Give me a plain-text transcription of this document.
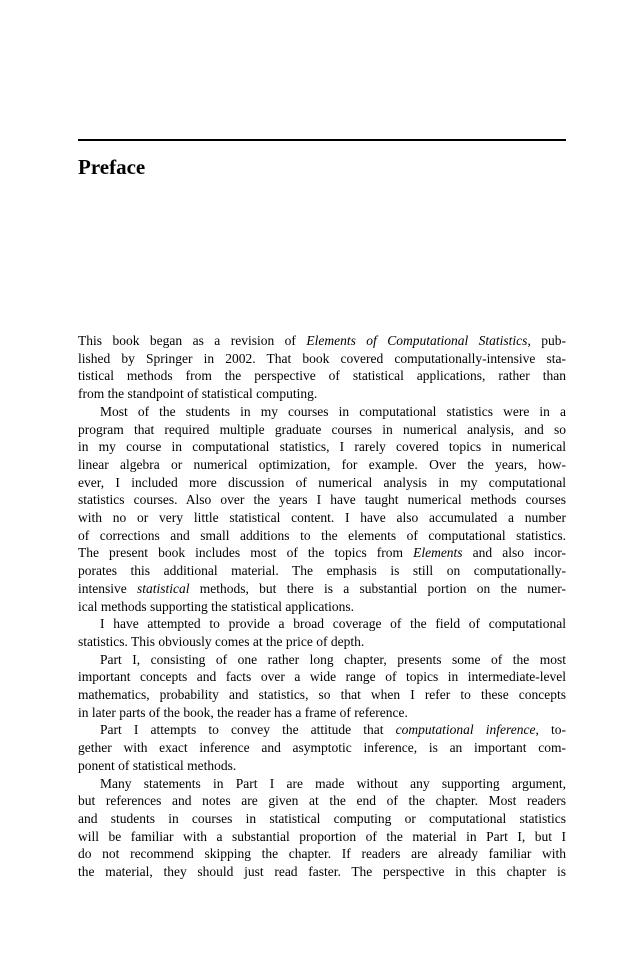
Preface
This book began as a revision of Elements of Computational Statistics, pub-
lished by Springer in 2002. That book covered computationally-intensive sta-
tistical methods from the perspective of statistical applications, rather than
from the standpoint of statistical computing.
Most of the students in my courses in computational statistics were in a
program that required multiple graduate courses in numerical analysis, and so
in my course in computational statistics, I rarely covered topics in numerical
linear algebra or numerical optimization, for example. Over the years, how-
ever, I included more discussion of numerical analysis in my computational
statistics courses. Also over the years I have taught numerical methods courses
with no or very little statistical content. I have also accumulated a number
of corrections and small additions to the elements of computational statistics.
The present book includes most of the topics from Elements and also incor-
porates this additional material. The emphasis is still on computationally-
intensive statistical methods, but there is a substantial portion on the numer-
ical methods supporting the statistical applications.
I have attempted to provide a broad coverage of the field of computational
statistics. This obviously comes at the price of depth.
Part I, consisting of one rather long chapter, presents some of the most
important concepts and facts over a wide range of topics in intermediate-level
mathematics, probability and statistics, so that when I refer to these concepts
in later parts of the book, the reader has a frame of reference.
Part I attempts to convey the attitude that computational inference, to-
gether with exact inference and asymptotic inference, is an important com-
ponent of statistical methods.
Many statements in Part I are made without any supporting argument,
but references and notes are given at the end of the chapter. Most readers
and students in courses in statistical computing or computational statistics
will be familiar with a substantial proportion of the material in Part I, but I
do not recommend skipping the chapter. If readers are already familiar with
the material, they should just read faster. The perspective in this chapter is
